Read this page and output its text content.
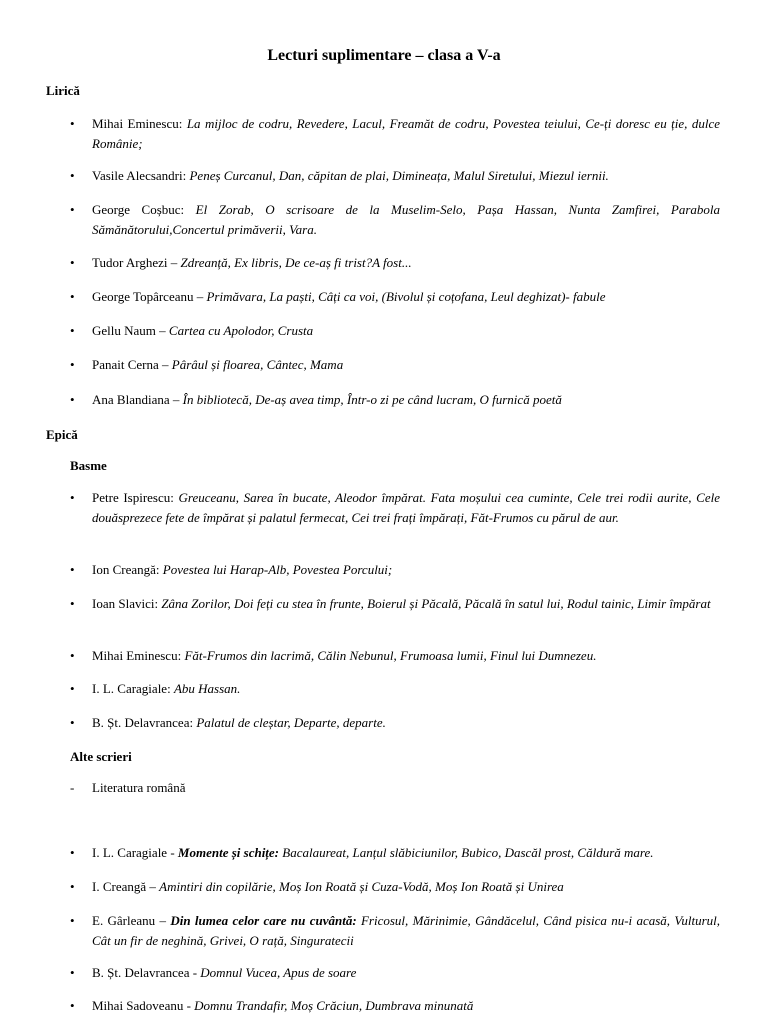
Lecturi suplimentare – clasa a V-a
Lirică
•	Mihai Eminescu: La mijloc de codru, Revedere, Lacul, Freamăt de codru, Povestea teiului, Ce-ți doresc eu ție, dulce Românie;
•	Vasile Alecsandri: Peneș Curcanul, Dan, căpitan de plai, Dimineața, Malul Siretului, Miezul iernii.
•	George Coșbuc: El Zorab, O scrisoare de la Muselim-Selo, Pașa Hassan, Nunta Zamfirei, Parabola Sămănătorului,Concertul primăverii, Vara.
•	Tudor Arghezi – Zdreanță, Ex libris, De ce-aș fi trist?A fost...
•	George Topârceanu – Primăvara, La paști, Câți ca voi, (Bivolul și coțofana, Leul deghizat)- fabule
•	Gellu Naum – Cartea cu Apolodor, Crusta
•	Panait Cerna – Pârâul și floarea, Cântec, Mama
•	Ana Blandiana – În bibliotecă, De-aș avea timp, Într-o zi pe când lucram, O furnică poetă
Epică
Basme
•	Petre Ispirescu: Greuceanu, Sarea în bucate, Aleodor împărat. Fata moșului cea cuminte, Cele trei rodii aurite, Cele douăsprezece fete de împărat și palatul fermecat, Cei trei frați împărați, Făt-Frumos cu părul de aur.
•	Ion Creangă: Povestea lui Harap-Alb, Povestea Porcului;
•	Ioan Slavici: Zâna Zorilor, Doi feți cu stea în frunte, Boierul și Păcală, Păcală în satul lui, Rodul tainic, Limir împărat
•	Mihai Eminescu: Făt-Frumos din lacrimă, Călin Nebunul, Frumoasa lumii, Finul lui Dumnezeu.
•	I. L. Caragiale: Abu Hassan.
•	B. Șt. Delavrancea: Palatul de cleștar, Departe, departe.
Alte scrieri
- Literatura română
•	I. L. Caragiale - Momente și schițe: Bacalaureat, Lanțul slăbiciunilor, Bubico, Dascăl prost, Căldură mare.
•	I. Creangă – Amintiri din copilărie, Moș Ion Roată și Cuza-Vodă, Moș Ion Roată și Unirea
•	E. Gârleanu – Din lumea celor care nu cuvântă: Fricosul, Mărinimie, Gândăcelul, Când pisica nu-i acasă, Vulturul, Cât un fir de neghină, Grivei, O rață, Singuratecii
•	B. Șt. Delavrancea - Domnul Vucea, Apus de soare
•	Mihai Sadoveanu - Domnu Trandafir, Moș Crăciun, Dumbrava minunată
